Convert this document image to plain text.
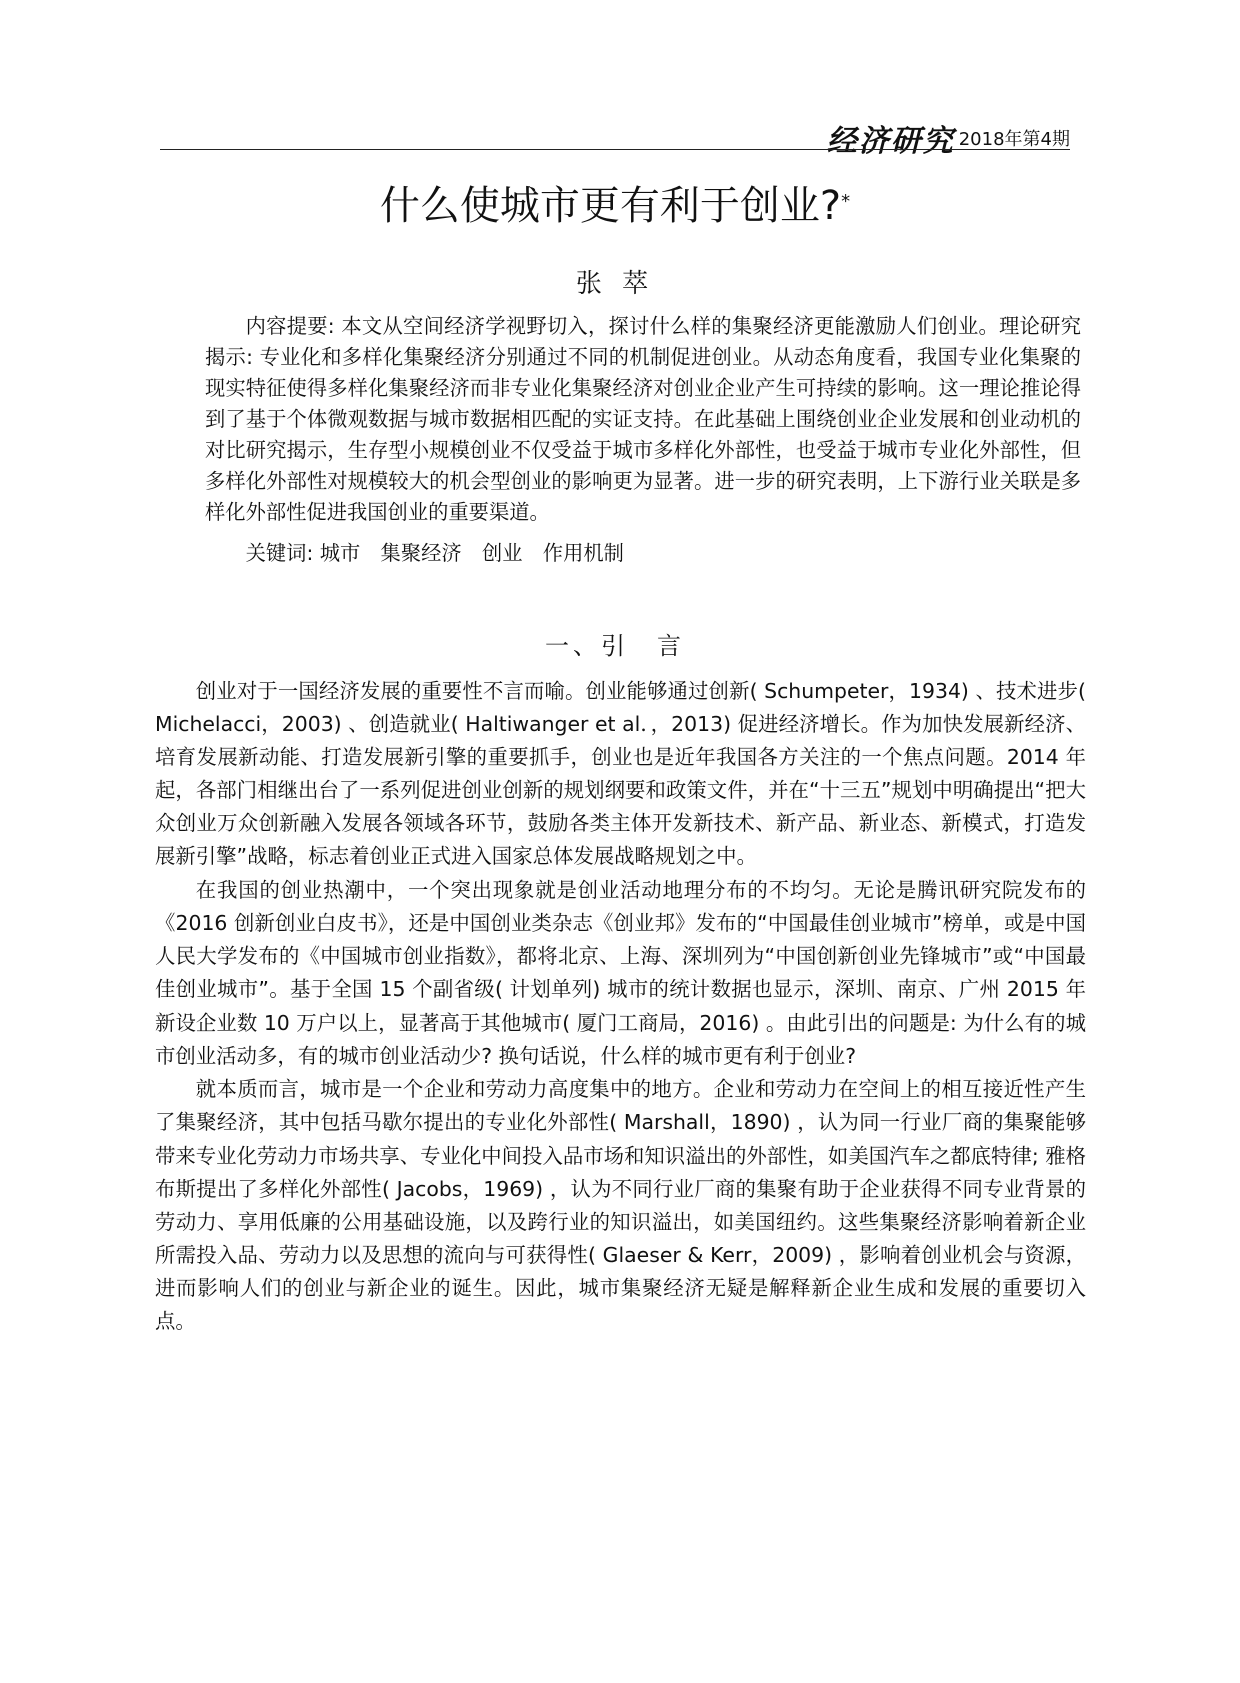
经济研究 2018年第4期
什么使城市更有利于创业?*
张 萃

内容提要: 本文从空间经济学视野切入，探讨什么样的集聚经济更能激励人们创业。理论研究揭示: 专业化和多样化集聚经济分别通过不同的机制促进创业。从动态角度看，我国专业化集聚的现实特征使得多样化集聚经济而非专业化集聚经济对创业企业产生可持续的影响。这一理论推论得到了基于个体微观数据与城市数据相匹配的实证支持。在此基础上围绕创业企业发展和创业动机的对比研究揭示，生存型小规模创业不仅受益于城市多样化外部性，也受益于城市专业化外部性，但多样化外部性对规模较大的机会型创业的影响更为显著。进一步的研究表明，上下游行业关联是多样化外部性促进我国创业的重要渠道。

关键词: 城市　集聚经济　创业　作用机制
一、引　言

创业对于一国经济发展的重要性不言而喻。创业能够通过创新( Schumpeter，1934) 、技术进步( Michelacci，2003) 、创造就业( Haltiwanger et al．，2013) 促进经济增长。作为加快发展新经济、培育发展新动能、打造发展新引擎的重要抓手，创业也是近年我国各方关注的一个焦点问题。2014 年起，各部门相继出台了一系列促进创业创新的规划纲要和政策文件，并在“十三五”规划中明确提出“把大众创业万众创新融入发展各领域各环节，鼓励各类主体开发新技术、新产品、新业态、新模式，打造发展新引擎”战略，标志着创业正式进入国家总体发展战略规划之中。

在我国的创业热潮中，一个突出现象就是创业活动地理分布的不均匀。无论是腾讯研究院发布的《2016 创新创业白皮书》，还是中国创业类杂志《创业邦》发布的“中国最佳创业城市”榜单，或是中国人民大学发布的《中国城市创业指数》，都将北京、上海、深圳列为“中国创新创业先锋城市”或“中国最佳创业城市”。基于全国 15 个副省级( 计划单列) 城市的统计数据也显示，深圳、南京、广州 2015 年新设企业数 10 万户以上，显著高于其他城市( 厦门工商局，2016) 。由此引出的问题是: 为什么有的城市创业活动多，有的城市创业活动少? 换句话说，什么样的城市更有利于创业?

就本质而言，城市是一个企业和劳动力高度集中的地方。企业和劳动力在空间上的相互接近性产生了集聚经济，其中包括马歇尔提出的专业化外部性( Marshall，1890) ，认为同一行业厂商的集聚能够带来专业化劳动力市场共享、专业化中间投入品市场和知识溢出的外部性，如美国汽车之都底特律; 雅格布斯提出了多样化外部性( Jacobs，1969) ，认为不同行业厂商的集聚有助于企业获得不同专业背景的劳动力、享用低廉的公用基础设施，以及跨行业的知识溢出，如美国纽约。这些集聚经济影响着新企业所需投入品、劳动力以及思想的流向与可获得性( Glaeser & Kerr，2009) ，影响着创业机会与资源，进而影响人们的创业与新企业的诞生。因此，城市集聚经济无疑是解释新企业生成和发展的重要切入点。
